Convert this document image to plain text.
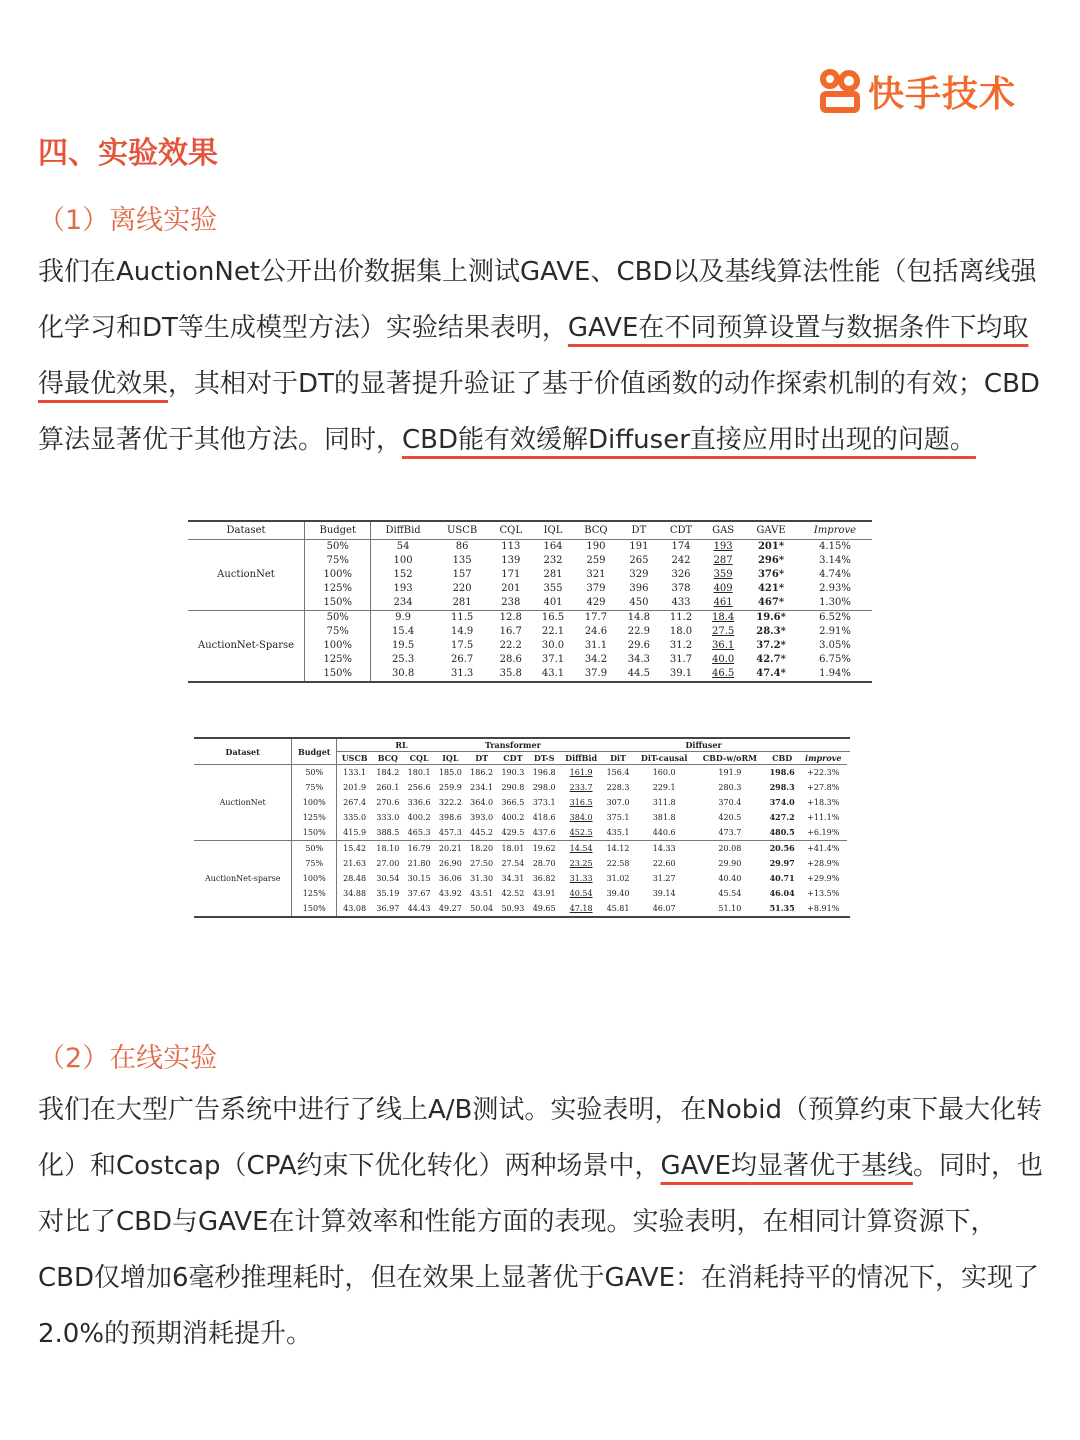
快手技术
四、实验效果
（1）离线实验

我们在AuctionNet公开出价数据集上测试GAVE、CBD以及基线算法性能（包括离线强化学习和DT等生成模型方法）实验结果表明，GAVE在不同预算设置与数据条件下均取得最优效果，其相对于DT的显著提升验证了基于价值函数的动作探索机制的有效；CBD算法显著优于其他方法。同时，CBD能有效缓解Diffuser直接应用时出现的问题。

Dataset	Budget	DiffBid	USCB	CQL	IQL	BCQ	DT	CDT	GAS	GAVE	Improve
AuctionNet	50%	54	86	113	164	190	191	174	193	201*	4.15%
	75%	100	135	139	232	259	265	242	287	296*	3.14%
	100%	152	157	171	281	321	329	326	359	376*	4.74%
	125%	193	220	201	355	379	396	378	409	421*	2.93%
	150%	234	281	238	401	429	450	433	461	467*	1.30%
AuctionNet-Sparse	50%	9.9	11.5	12.8	16.5	17.7	14.8	11.2	18.4	19.6*	6.52%
	75%	15.4	14.9	16.7	22.1	24.6	22.9	18.0	27.5	28.3*	2.91%
	100%	19.5	17.5	22.2	30.0	31.1	29.6	31.2	36.1	37.2*	3.05%
	125%	25.3	26.7	28.6	37.1	34.2	34.3	31.7	40.0	42.7*	6.75%
	150%	30.8	31.3	35.8	43.1	37.9	44.5	39.1	46.5	47.4*	1.94%
Dataset	Budget	RL				Transformer			Diffuser						
		USCB	BCQ	CQL	IQL	DT	CDT	DT-S	DiffBid	DiT	DiT-causal	CBD-w/oRM	CBD	improve	
AuctionNet	50%	133.1	184.2	180.1	185.0	186.2	190.3	196.8	161.9	156.4	160.0	191.9	198.6	+22.3%	
	75%	201.9	260.1	256.6	259.9	234.1	290.8	298.0	233.7	228.3	229.1	280.3	298.3	+27.8%	
	100%	267.4	270.6	336.6	322.2	364.0	366.5	373.1	316.5	307.0	311.8	370.4	374.0	+18.3%	
	125%	335.0	333.0	400.2	398.6	393.0	400.2	418.6	384.0	375.1	381.8	420.5	427.2	+11.1%	
	150%	415.9	388.5	465.3	457.3	445.2	429.5	437.6	452.5	435.1	440.6	473.7	480.5	+6.19%	
AuctionNet-sparse	50%	15.42	18.10	16.79	20.21	18.20	18.01	19.62	14.54	14.12	14.33	20.08	20.56	+41.4%	
	75%	21.63	27.00	21.80	26.90	27.50	27.54	28.70	23.25	22.58	22.60	29.90	29.97	+28.9%	
	100%	28.48	30.54	30.15	36.06	31.30	34.31	36.82	31.33	31.02	31.27	40.40	40.71	+29.9%	
	125%	34.88	35.19	37.67	43.92	43.51	42.52	43.91	40.54	39.40	39.14	45.54	46.04	+13.5%	
	150%	43.08	36.97	44.43	49.27	50.04	50.93	49.65	47.18	45.81	46.07	51.10	51.35	+8.91%	
（2）在线实验

我们在大型广告系统中进行了线上A/B测试。实验表明，在Nobid（预算约束下最大化转化）和Costcap（CPA约束下优化转化）两种场景中，GAVE均显著优于基线。同时，也对比了CBD与GAVE在计算效率和性能方面的表现。实验表明，在相同计算资源下，CBD仅增加6毫秒推理耗时，但在效果上显著优于GAVE：在消耗持平的情况下，实现了2.0%的预期消耗提升。
